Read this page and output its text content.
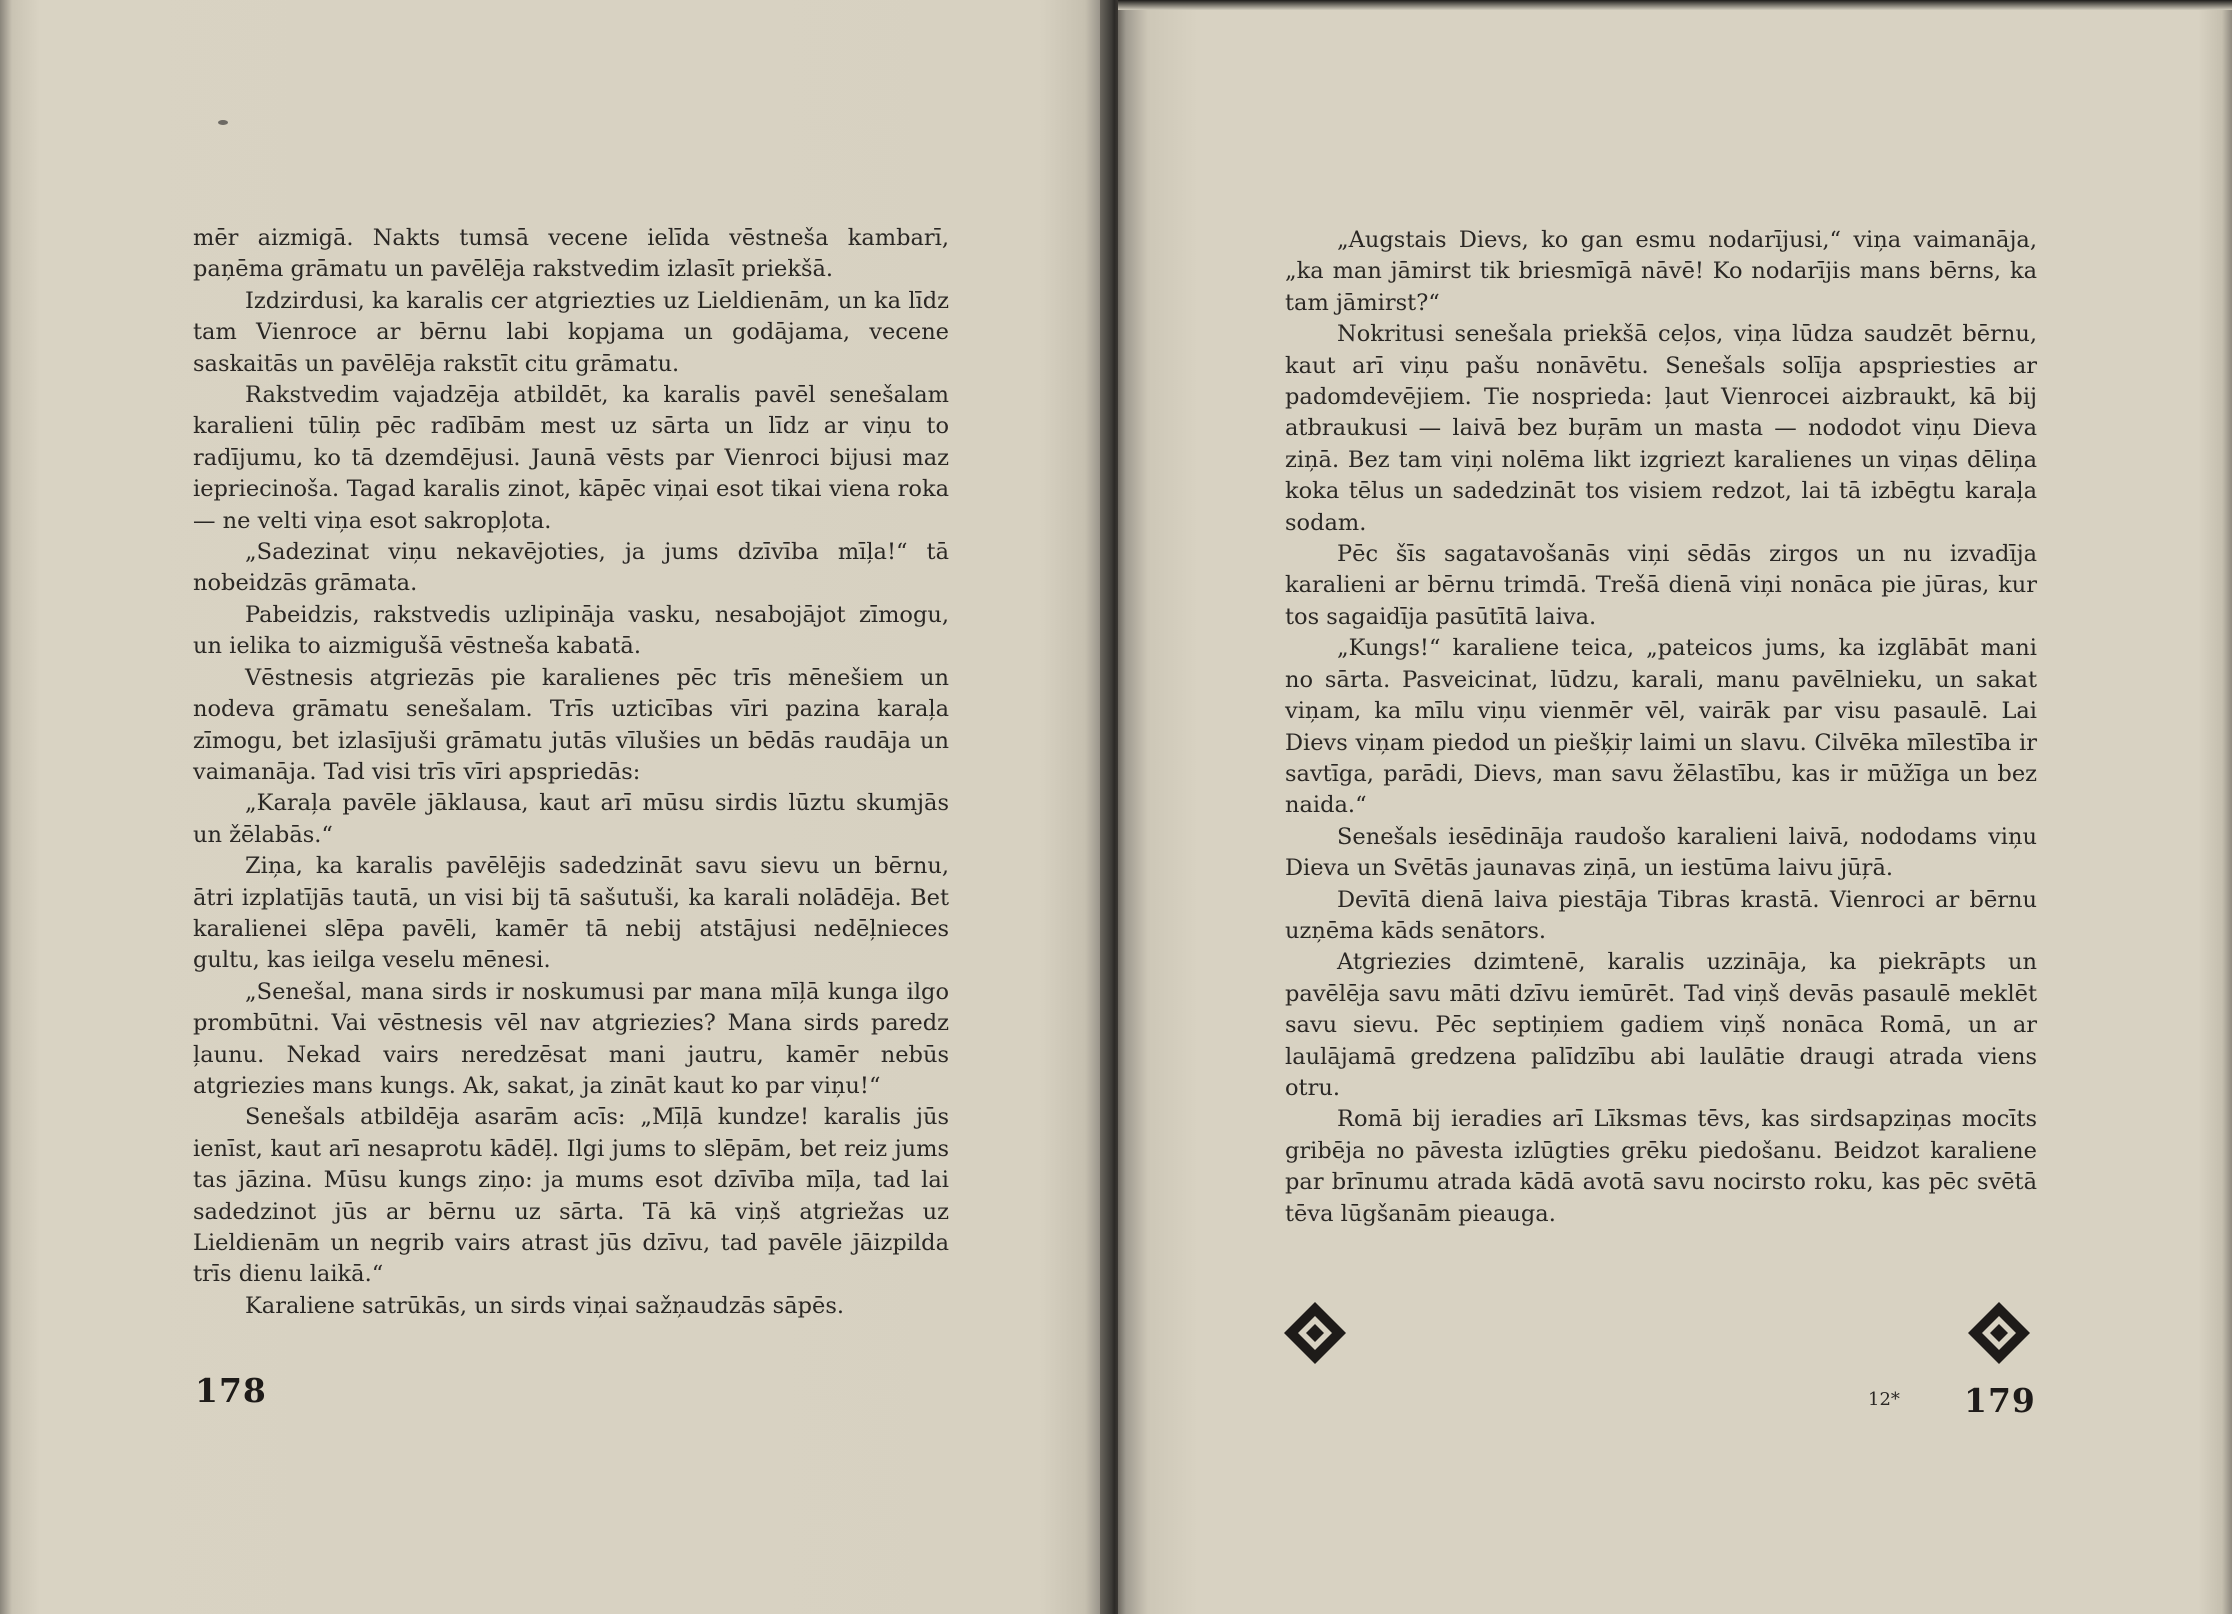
mēr aizmigā. Nakts tumsā vecene ielīda vēstneša kambarī, paņēma grāmatu un pavēlēja rakstvedim izlasīt priekšā.

Izdzirdusi, ka karalis cer atgriezties uz Lieldienām, un ka līdz tam Vienroce ar bērnu labi kopjama un godājama, vecene saskaitās un pavēlēja rakstīt citu grāmatu.

Rakstvedim vajadzēja atbildēt, ka karalis pavēl senešalam karalieni tūliņ pēc radībām mest uz sārta un līdz ar viņu to radījumu, ko tā dzemdējusi. Jaunā vēsts par Vienroci bijusi maz iepriecinoša. Tagad karalis zinot, kāpēc viņai esot tikai viena roka — ne velti viņa esot sakropļota.

„Sadezinat viņu nekavējoties, ja jums dzīvība mīļa!“ tā nobeidzās grāmata.

Pabeidzis, rakstvedis uzlipināja vasku, nesabojājot zīmogu, un ielika to aizmigušā vēstneša kabatā.

Vēstnesis atgriezās pie karalienes pēc trīs mēnešiem un nodeva grāmatu senešalam. Trīs uzticības vīri pazina karaļa zīmogu, bet izlasījuši grāmatu jutās vīlušies un bēdās raudāja un vaimanāja. Tad visi trīs vīri apspriedās:

„Karaļa pavēle jāklausa, kaut arī mūsu sirdis lūztu skumjās un žēlabās.“

Ziņa, ka karalis pavēlējis sadedzināt savu sievu un bērnu, ātri izplatījās tautā, un visi bij tā sašutuši, ka karali nolādēja. Bet karalienei slēpa pavēli, kamēr tā nebij atstājusi nedēļnieces gultu, kas ieilga veselu mēnesi.

„Senešal, mana sirds ir noskumusi par mana mīļā kunga ilgo prombūtni. Vai vēstnesis vēl nav atgriezies? Mana sirds paredz ļaunu. Nekad vairs neredzēsat mani jautru, kamēr nebūs atgriezies mans kungs. Ak, sakat, ja zināt kaut ko par viņu!“

Senešals atbildēja asarām acīs: „Mīļā kundze! karalis jūs ienīst, kaut arī nesaprotu kādēļ. Ilgi jums to slēpām, bet reiz jums tas jāzina. Mūsu kungs ziņo: ja mums esot dzīvība mīļa, tad lai sadedzinot jūs ar bērnu uz sārta. Tā kā viņš atgriežas uz Lieldienām un negrib vairs atrast jūs dzīvu, tad pavēle jāizpilda trīs dienu laikā.“

Karaliene satrūkās, un sirds viņai sažņaudzās sāpēs.

178

„Augstais Dievs, ko gan esmu nodarījusi,“ viņa vaimanāja, „ka man jāmirst tik briesmīgā nāvē! Ko nodarījis mans bērns, ka tam jāmirst?“

Nokritusi senešala priekšā ceļos, viņa lūdza saudzēt bērnu, kaut arī viņu pašu nonāvētu. Senešals solīja apspriesties ar padomdevējiem. Tie nosprieda: ļaut Vienrocei aizbraukt, kā bij atbraukusi — laivā bez buŗām un masta — nododot viņu Dieva ziņā. Bez tam viņi nolēma likt izgriezt karalienes un viņas dēliņa koka tēlus un sadedzināt tos visiem redzot, lai tā izbēgtu karaļa sodam.

Pēc šīs sagatavošanās viņi sēdās zirgos un nu izvadīja karalieni ar bērnu trimdā. Trešā dienā viņi nonāca pie jūras, kur tos sagaidīja pasūtītā laiva.

„Kungs!“ karaliene teica, „pateicos jums, ka izglābāt mani no sārta. Pasveicinat, lūdzu, karali, manu pavēlnieku, un sakat viņam, ka mīlu viņu vienmēr vēl, vairāk par visu pasaulē. Lai Dievs viņam piedod un piešķiŗ laimi un slavu. Cilvēka mīlestība ir savtīga, parādi, Dievs, man savu žēlastību, kas ir mūžīga un bez naida.“

Senešals iesēdināja raudošo karalieni laivā, nododams viņu Dieva un Svētās jaunavas ziņā, un iestūma laivu jūŗā.

Devītā dienā laiva piestāja Tibras krastā. Vienroci ar bērnu uzņēma kāds senātors.

Atgriezies dzimtenē, karalis uzzināja, ka piekrāpts un pavēlēja savu māti dzīvu iemūrēt. Tad viņš devās pasaulē meklēt savu sievu. Pēc septiņiem gadiem viņš nonāca Romā, un ar laulājamā gredzena palīdzību abi laulātie draugi atrada viens otru.

Romā bij ieradies arī Līksmas tēvs, kas sirdsapziņas mocīts gribēja no pāvesta izlūgties grēku piedošanu. Beidzot karaliene par brīnumu atrada kādā avotā savu nocirsto roku, kas pēc svētā tēva lūgšanām pieauga.

12* 179
